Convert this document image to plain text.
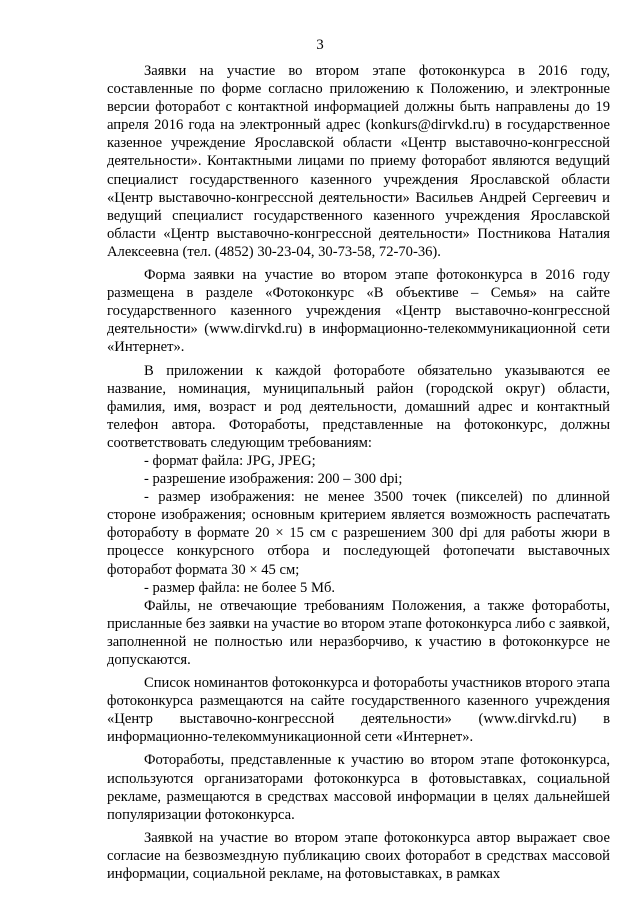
3

Заявки на участие во втором этапе фотоконкурса в 2016 году, составленные по форме согласно приложению к Положению, и электронные версии фоторабот с контактной информацией должны быть направлены до 19 апреля 2016 года на электронный адрес (konkurs@dirvkd.ru) в государственное казенное учреждение Ярославской области «Центр выставочно-конгрессной деятельности». Контактными лицами по приему фоторабот являются ведущий специалист государственного казенного учреждения Ярославской области «Центр выставочно-конгрессной деятельности» Васильев Андрей Сергеевич и ведущий специалист государственного казенного учреждения Ярославской области «Центр выставочно-конгрессной деятельности» Постникова Наталия Алексеевна (тел. (4852) 30-23-04, 30-73-58, 72-70-36).

Форма заявки на участие во втором этапе фотоконкурса в 2016 году размещена в разделе «Фотоконкурс «В объективе – Семья» на сайте государственного казенного учреждения «Центр выставочно-конгрессной деятельности» (www.dirvkd.ru) в информационно-телекоммуникационной сети «Интернет».

В приложении к каждой фотоработе обязательно указываются ее название, номинация, муниципальный район (городской округ) области, фамилия, имя, возраст и род деятельности, домашний адрес и контактный телефон автора. Фотоработы, представленные на фотоконкурс, должны соответствовать следующим требованиям:

- формат файла: JPG, JPEG;

- разрешение изображения: 200 – 300 dpi;

- размер изображения: не менее 3500 точек (пикселей) по длинной стороне изображения; основным критерием является возможность распечатать фотоработу в формате 20 × 15 см с разрешением 300 dpi для работы жюри в процессе конкурсного отбора и последующей фотопечати выставочных фоторабот формата 30 × 45 см;

- размер файла: не более 5 Мб.

Файлы, не отвечающие требованиям Положения, а также фотоработы, присланные без заявки на участие во втором этапе фотоконкурса либо с заявкой, заполненной не полностью или неразборчиво, к участию в фотоконкурсе не допускаются.

Список номинантов фотоконкурса и фотоработы участников второго этапа фотоконкурса размещаются на сайте государственного казенного учреждения «Центр выставочно-конгрессной деятельности» (www.dirvkd.ru) в информационно-телекоммуникационной сети «Интернет».

Фотоработы, представленные к участию во втором этапе фотоконкурса, используются организаторами фотоконкурса в фотовыставках, социальной рекламе, размещаются в средствах массовой информации в целях дальнейшей популяризации фотоконкурса.

Заявкой на участие во втором этапе фотоконкурса автор выражает свое согласие на безвозмездную публикацию своих фоторабот в средствах массовой информации, социальной рекламе, на фотовыставках, в рамках
